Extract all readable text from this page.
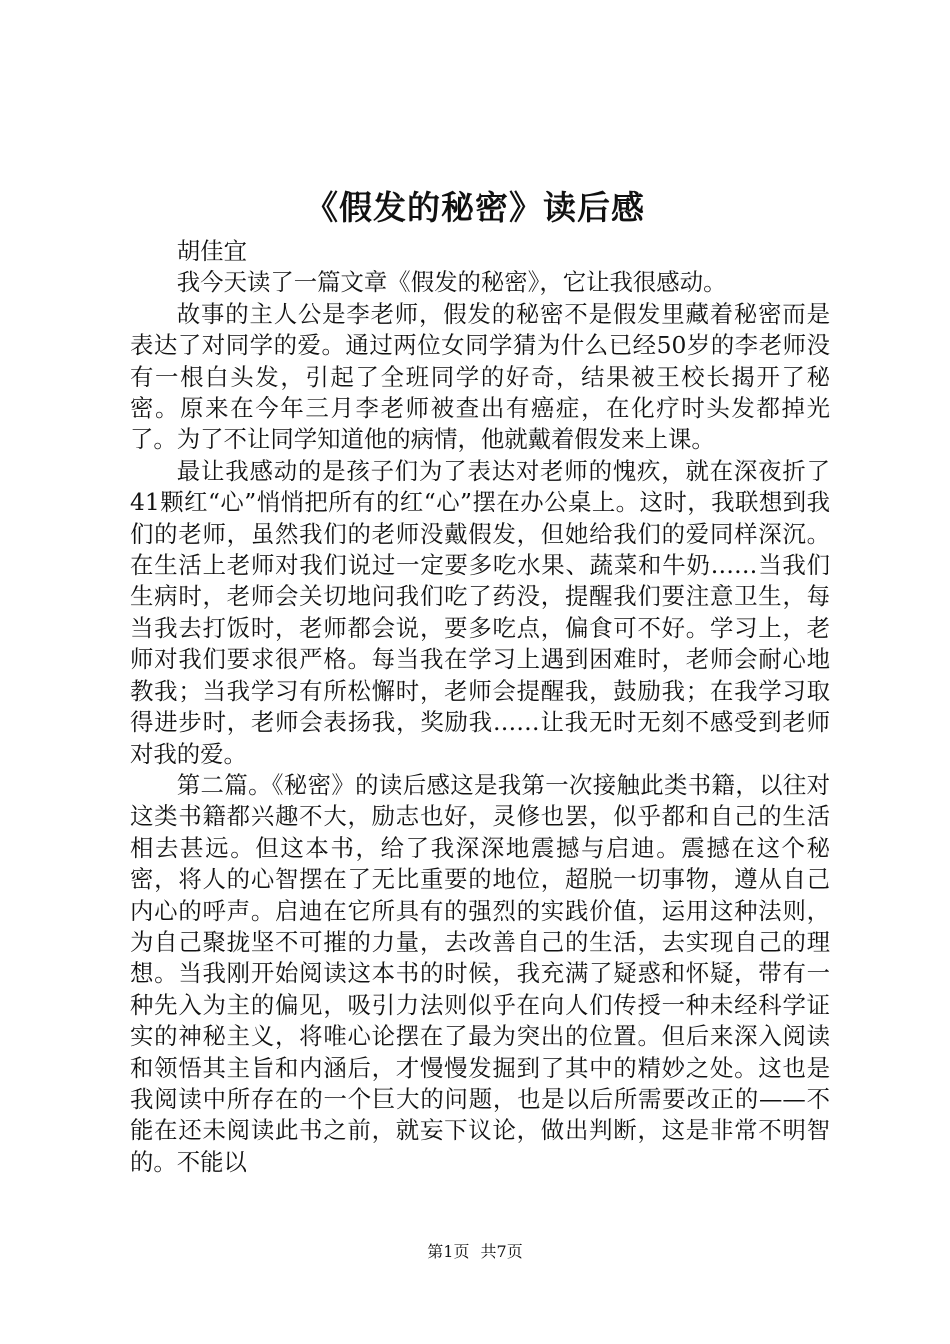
《假发的秘密》读后感

胡佳宜

我今天读了一篇文章《假发的秘密》，它让我很感动。

故事的主人公是李老师，假发的秘密不是假发里藏着秘密而是表达了对同学的爱。通过两位女同学猜为什么已经50岁的李老师没有一根白头发，引起了全班同学的好奇，结果被王校长揭开了秘密。原来在今年三月李老师被查出有癌症，在化疗时头发都掉光了。为了不让同学知道他的病情，他就戴着假发来上课。

最让我感动的是孩子们为了表达对老师的愧疚，就在深夜折了41颗红“心”悄悄把所有的红“心”摆在办公桌上。这时，我联想到我们的老师，虽然我们的老师没戴假发，但她给我们的爱同样深沉。在生活上老师对我们说过一定要多吃水果、蔬菜和牛奶……当我们生病时，老师会关切地问我们吃了药没，提醒我们要注意卫生，每当我去打饭时，老师都会说，要多吃点，偏食可不好。学习上，老师对我们要求很严格。每当我在学习上遇到困难时，老师会耐心地教我；当我学习有所松懈时，老师会提醒我，鼓励我；在我学习取得进步时，老师会表扬我，奖励我……让我无时无刻不感受到老师对我的爱。

第二篇。《秘密》的读后感这是我第一次接触此类书籍，以往对这类书籍都兴趣不大，励志也好，灵修也罢，似乎都和自己的生活相去甚远。但这本书，给了我深深地震撼与启迪。震撼在这个秘密，将人的心智摆在了无比重要的地位，超脱一切事物，遵从自己内心的呼声。启迪在它所具有的强烈的实践价值，运用这种法则，为自己聚拢坚不可摧的力量，去改善自己的生活，去实现自己的理想。当我刚开始阅读这本书的时候，我充满了疑惑和怀疑，带有一种先入为主的偏见，吸引力法则似乎在向人们传授一种未经科学证实的神秘主义，将唯心论摆在了最为突出的位置。但后来深入阅读和领悟其主旨和内涵后，才慢慢发掘到了其中的精妙之处。这也是我阅读中所存在的一个巨大的问题，也是以后所需要改正的——不能在还未阅读此书之前，就妄下议论，做出判断，这是非常不明智的。不能以

第1页 共7页
